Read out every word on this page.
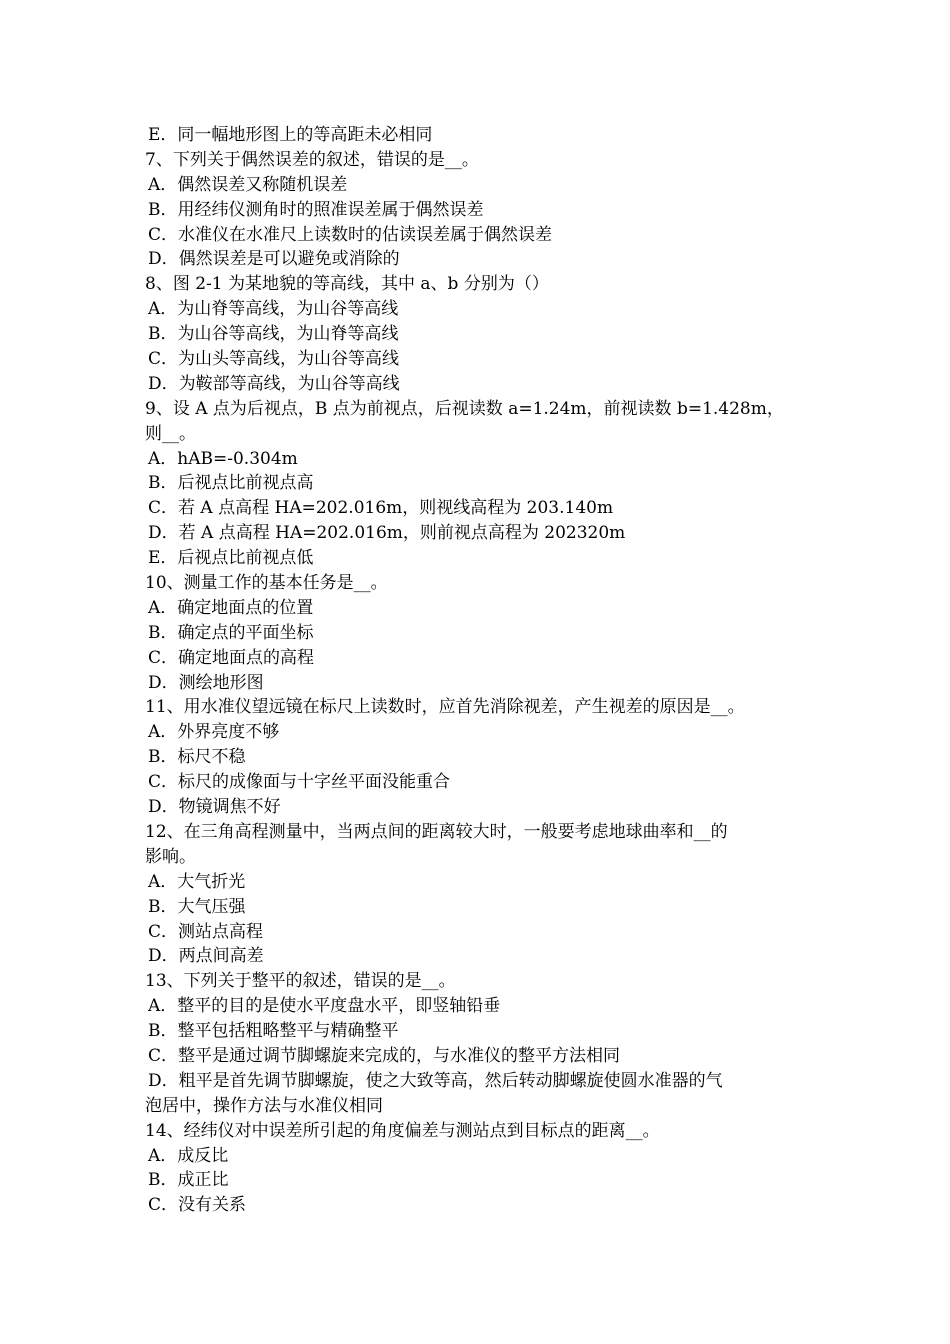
E．同一幅地形图上的等高距未必相同
7、下列关于偶然误差的叙述，错误的是__。
A．偶然误差又称随机误差
B．用经纬仪测角时的照准误差属于偶然误差
C．水准仪在水准尺上读数时的估读误差属于偶然误差
D．偶然误差是可以避免或消除的
8、图 2-1 为某地貌的等高线，其中 a、b 分别为（）
A．为山脊等高线，为山谷等高线
B．为山谷等高线，为山脊等高线
C．为山头等高线，为山谷等高线
D．为鞍部等高线，为山谷等高线
9、设 A 点为后视点，B 点为前视点，后视读数 a=1.24m，前视读数 b=1.428m，
则__。
A．hAB=-0.304m
B．后视点比前视点高
C．若 A 点高程 HA=202.016m，则视线高程为 203.140m
D．若 A 点高程 HA=202.016m，则前视点高程为 202320m
E．后视点比前视点低
10、测量工作的基本任务是__。
A．确定地面点的位置
B．确定点的平面坐标
C．确定地面点的高程
D．测绘地形图
11、用水准仪望远镜在标尺上读数时，应首先消除视差，产生视差的原因是__。
A．外界亮度不够
B．标尺不稳
C．标尺的成像面与十字丝平面没能重合
D．物镜调焦不好
12、在三角高程测量中，当两点间的距离较大时，一般要考虑地球曲率和__的
影响。
A．大气折光
B．大气压强
C．测站点高程
D．两点间高差
13、下列关于整平的叙述，错误的是__。
A．整平的目的是使水平度盘水平，即竖轴铅垂
B．整平包括粗略整平与精确整平
C．整平是通过调节脚螺旋来完成的，与水准仪的整平方法相同
D．粗平是首先调节脚螺旋，使之大致等高，然后转动脚螺旋使圆水准器的气
泡居中，操作方法与水准仪相同
14、经纬仪对中误差所引起的角度偏差与测站点到目标点的距离__。
A．成反比
B．成正比
C．没有关系
